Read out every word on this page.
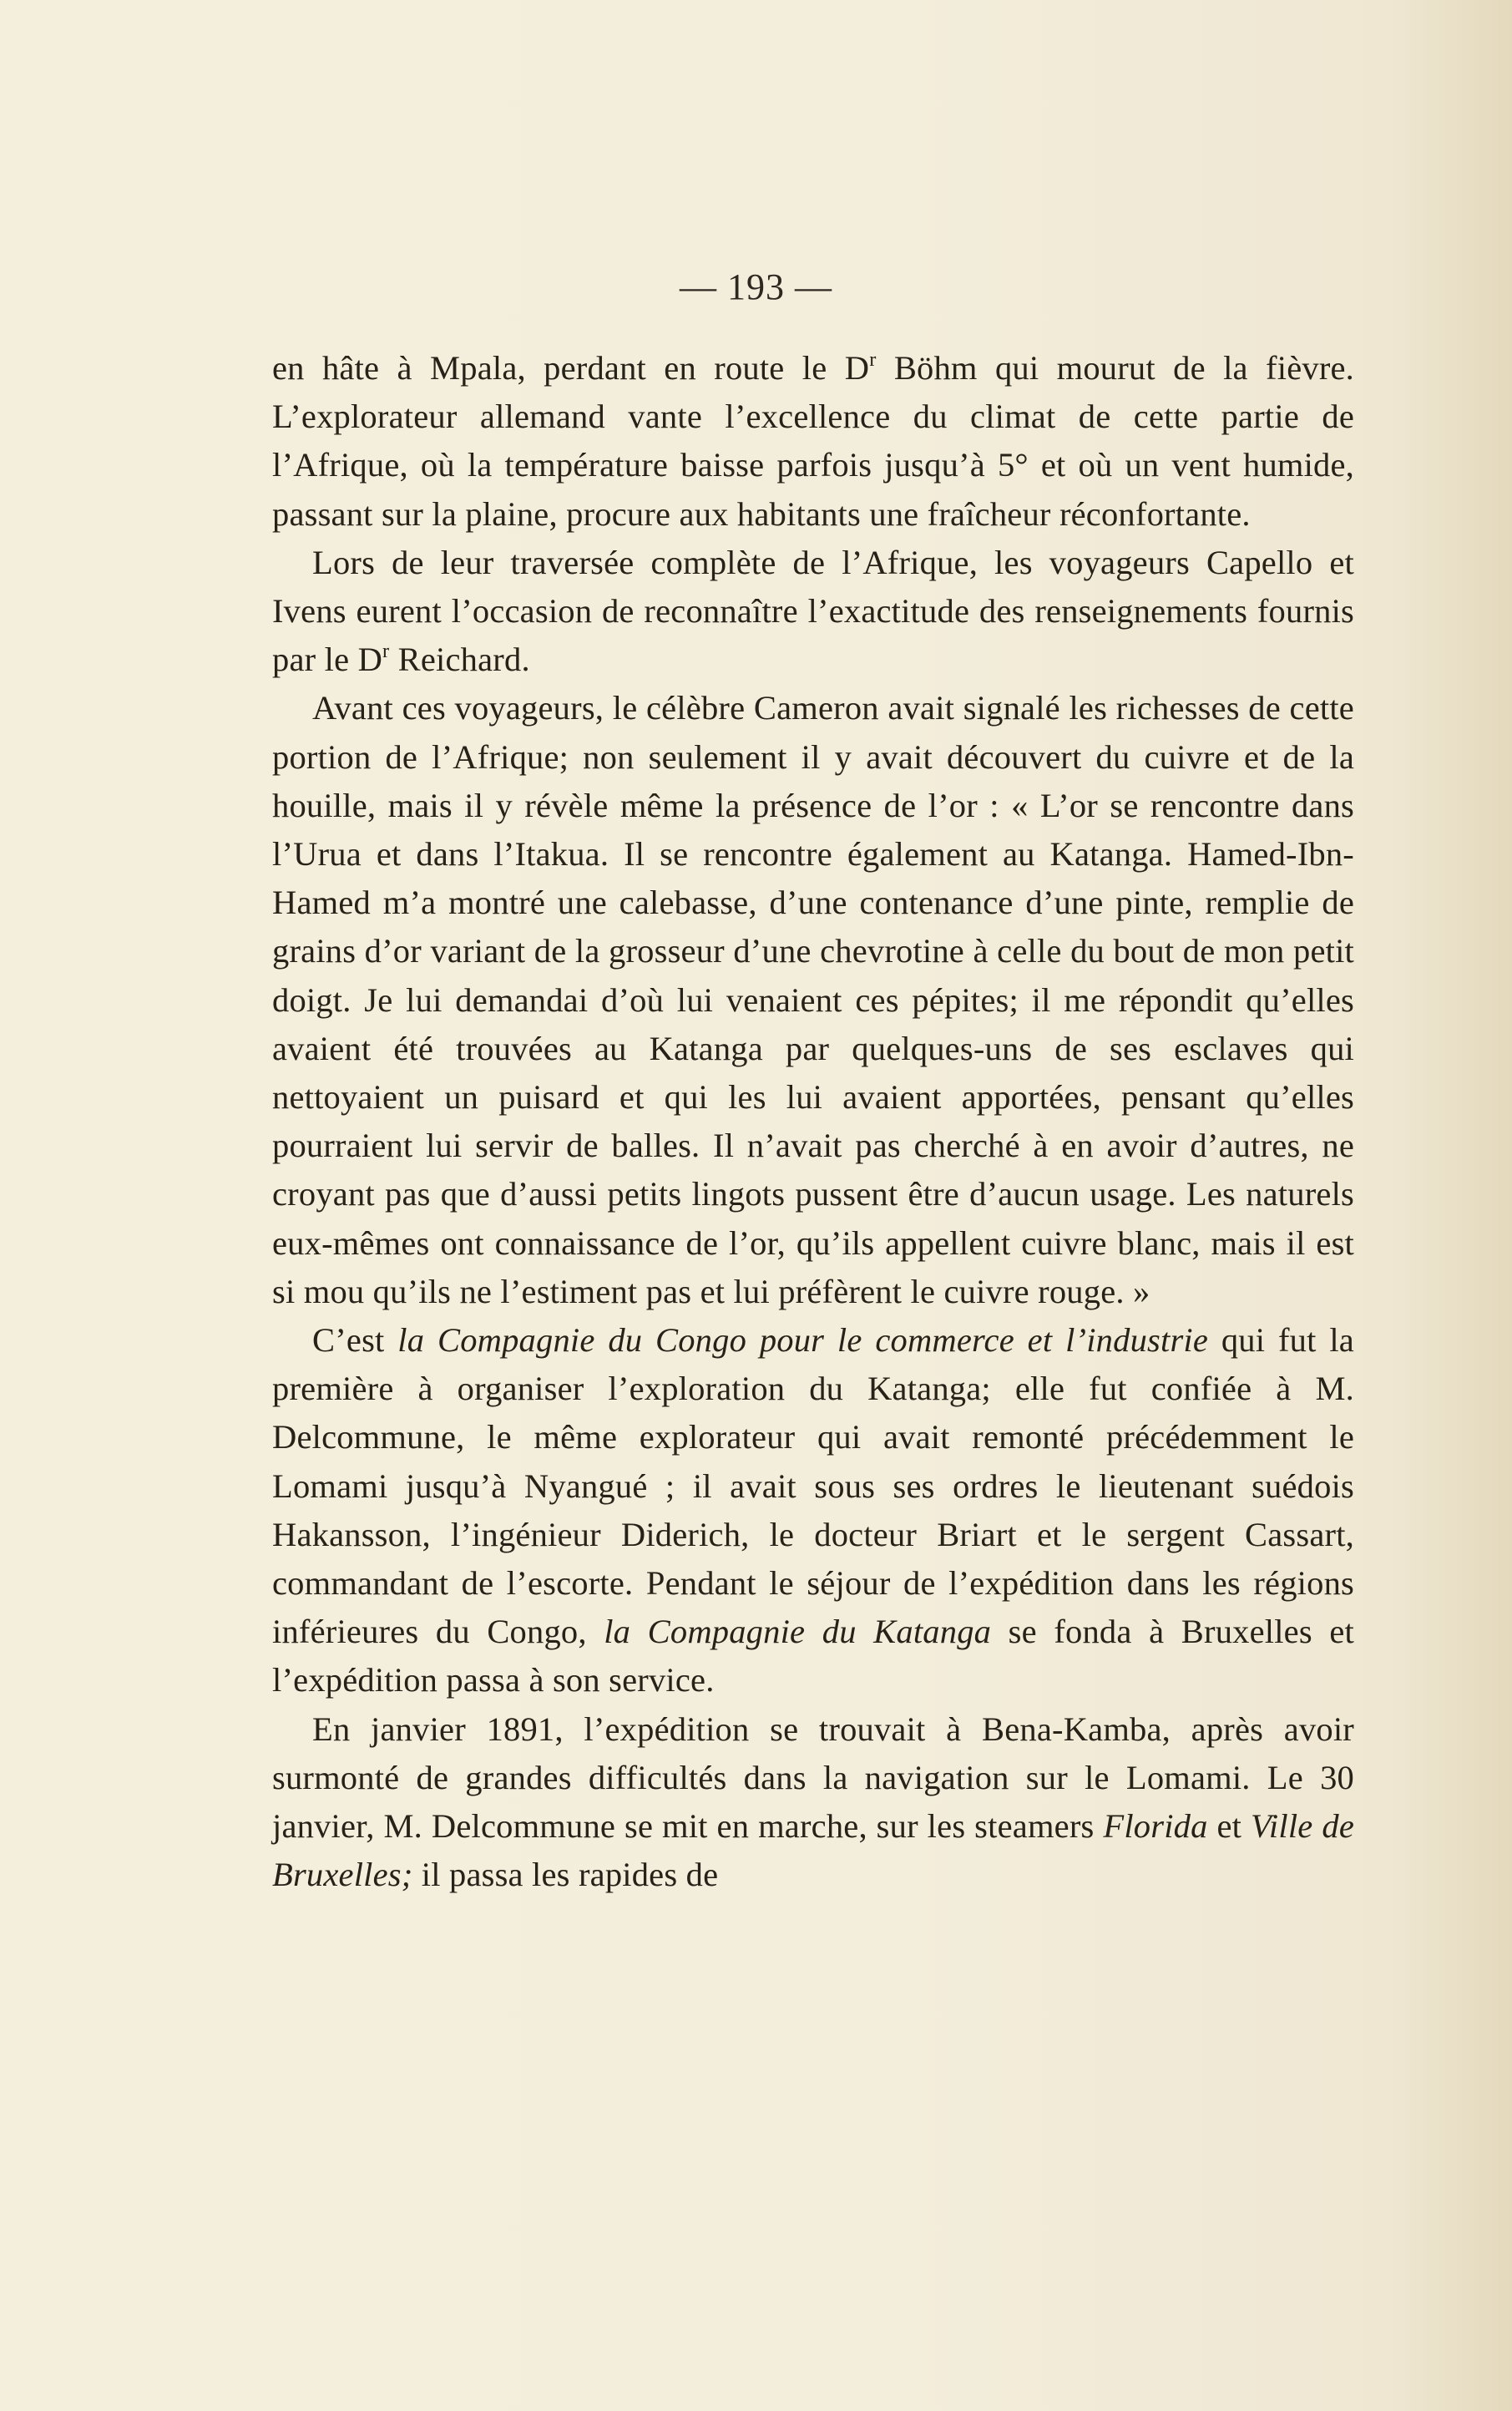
— 193 —

en hâte à Mpala, perdant en route le $D^r$ Böhm qui mourut de la fièvre. L’explorateur allemand vante l’excellence du climat de cette partie de l’Afrique, où la température baisse parfois jusqu’à 5° et où un vent humide, passant sur la plaine, procure aux habitants une fraîcheur réconfortante.

Lors de leur traversée complète de l’Afrique, les voyageurs Capello et Ivens eurent l’occasion de reconnaître l’exactitude des renseignements fournis par le $D^r$ Reichard.

Avant ces voyageurs, le célèbre Cameron avait signalé les richesses de cette portion de l’Afrique; non seulement il y avait découvert du cuivre et de la houille, mais il y révèle même la présence de l’or : « L’or se rencontre dans l’Urua et dans l’Itakua. Il se rencontre également au Katanga. Hamed-Ibn-Hamed m’a montré une calebasse, d’une contenance d’une pinte, remplie de grains d’or variant de la grosseur d’une chevrotine à celle du bout de mon petit doigt. Je lui demandai d’où lui venaient ces pépites; il me répondit qu’elles avaient été trouvées au Katanga par quelques-uns de ses esclaves qui nettoyaient un puisard et qui les lui avaient apportées, pensant qu’elles pourraient lui servir de balles. Il n’avait pas cherché à en avoir d’autres, ne croyant pas que d’aussi petits lingots pussent être d’aucun usage. Les naturels eux-mêmes ont connaissance de l’or, qu’ils appellent cuivre blanc, mais il est si mou qu’ils ne l’estiment pas et lui préfèrent le cuivre rouge. »

C’est la Compagnie du Congo pour le commerce et l’industrie qui fut la première à organiser l’exploration du Katanga; elle fut confiée à M. Delcommune, le même explorateur qui avait remonté précédemment le Lomami jusqu’à Nyangué ; il avait sous ses ordres le lieutenant suédois Hakansson, l’ingénieur Diderich, le docteur Briart et le sergent Cassart, commandant de l’escorte. Pendant le séjour de l’expédition dans les régions inférieures du Congo, la Compagnie du Katanga se fonda à Bruxelles et l’expédition passa à son service.

En janvier 1891, l’expédition se trouvait à Bena-Kamba, après avoir surmonté de grandes difficultés dans la navigation sur le Lomami. Le 30 janvier, M. Delcommune se mit en marche, sur les steamers Florida et Ville de Bruxelles; il passa les rapides de
